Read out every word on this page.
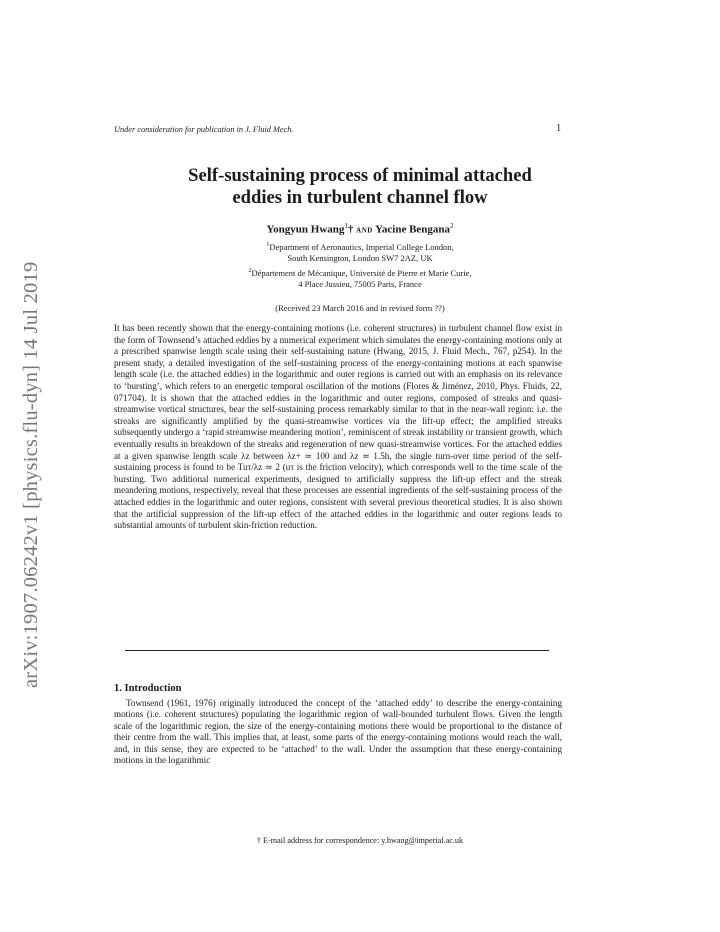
arXiv:1907.06242v1 [physics.flu-dyn] 14 Jul 2019
Under consideration for publication in J. Fluid Mech.	1
Self-sustaining process of minimal attached
eddies in turbulent channel flow
Yongyun Hwang$^1$† and Yacine Bengana$^2$
$^1$Department of Aeronautics, Imperial College London,
South Kensington, London SW7 2AZ, UK
$^2$Département de Mécanique, Université de Pierre et Marie Curie,
4 Place Jussieu, 75005 Paris, France
(Received 23 March 2016 and in revised form ??)
It has been recently shown that the energy-containing motions (i.e. coherent structures) in turbulent channel flow exist in the form of Townsend’s attached eddies by a numerical experiment which simulates the energy-containing motions only at a prescribed spanwise length scale using their self-sustaining nature (Hwang, 2015, J. Fluid Mech., 767, p254). In the present study, a detailed investigation of the self-sustaining process of the energy-containing motions at each spanwise length scale (i.e. the attached eddies) in the logarithmic and outer regions is carried out with an emphasis on its relevance to ‘bursting’, which refers to an energetic temporal oscillation of the motions (Flores & Jiménez, 2010, Phys. Fluids, 22, 071704). It is shown that the attached eddies in the logarithmic and outer regions, composed of streaks and quasi-streamwise vortical structures, bear the self-sustaining process remarkably similar to that in the near-wall region: i.e. the streaks are significantly amplified by the quasi-streamwise vortices via the lift-up effect; the amplified streaks subsequently undergo a ‘rapid streamwise meandering motion’, reminiscent of streak instability or transient growth, which eventually results in breakdown of the streaks and regeneration of new quasi-streamwise vortices. For the attached eddies at a given spanwise length scale λz between λz+ ≃ 100 and λz ≃ 1.5h, the single turn-over time period of the self-sustaining process is found to be Tuτ/λz ≃ 2 (uτ is the friction velocity), which corresponds well to the time scale of the bursting. Two additional numerical experiments, designed to artificially suppress the lift-up effect and the streak meandering motions, respectively, reveal that these processes are essential ingredients of the self-sustaining process of the attached eddies in the logarithmic and outer regions, consistent with several previous theoretical studies. It is also shown that the artificial suppression of the lift-up effect of the attached eddies in the logarithmic and outer regions leads to substantial amounts of turbulent skin-friction reduction.
1. Introduction
Townsend (1961, 1976) originally introduced the concept of the ‘attached eddy’ to describe the energy-containing motions (i.e. coherent structures) populating the logarithmic region of wall-bounded turbulent flows. Given the length scale of the logarithmic region, the size of the energy-containing motions there would be proportional to the distance of their centre from the wall. This implies that, at least, some parts of the energy-containing motions would reach the wall, and, in this sense, they are expected to be ‘attached’ to the wall. Under the assumption that these energy-containing motions in the logarithmic
† E-mail address for correspondence: y.hwang@imperial.ac.uk
